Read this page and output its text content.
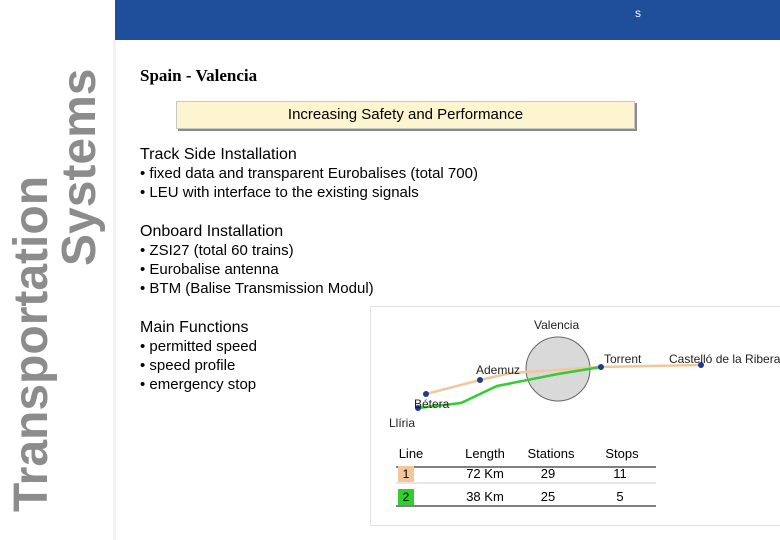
s
Transportation
Systems Spain - Valencia
Increasing Safety and Performance
Track Side Installation
• fixed data and transparent Eurobalises (total 700)
• LEU with interface to the existing signals
Onboard Installation
• ZSI27 (total 60 trains)
• Eurobalise antenna
• BTM (Balise Transmission Modul)
Main Functions
• permitted speed
• speed profile
• emergency stop
Valencia
Torrent Castelló de la Ribera
Ademuz
Bétera
Llíria
Line	Length	Stations	Stops
1	72 Km	29	11
2	38 Km	25	5
